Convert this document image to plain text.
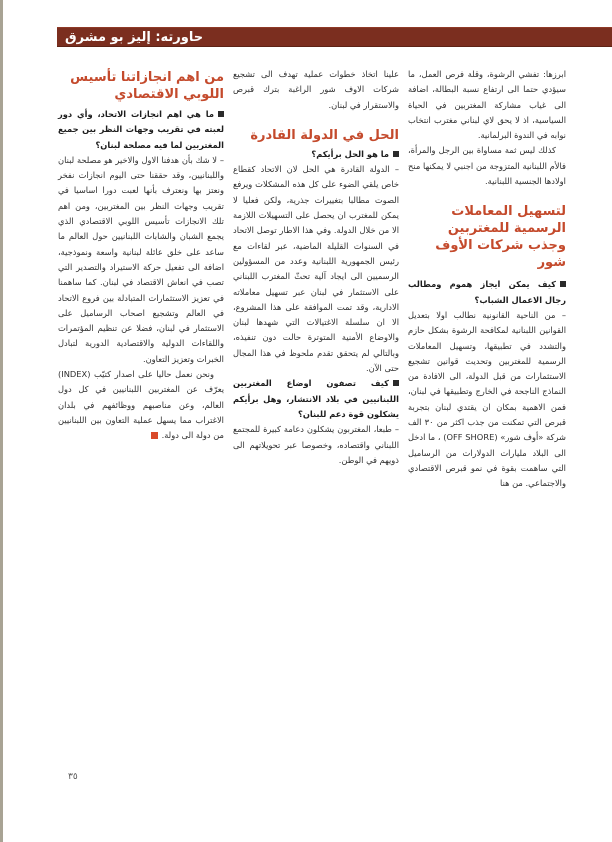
حاورته: إليز بو مشرق

ابرزها: تفشي الرشوة، وقلة فرص العمل، ما سيؤدي حتما الى ارتفاع نسبة البطالة، اضافة الى غياب مشاركة المغتربين في الحياة السياسية، اذ لا يحق لاي لبناني مغترب انتخاب نوابه في الندوة البرلمانية.

كذلك ليس ثمة مساواة بين الرجل والمرأة، فالأم اللبنانية المتزوجة من اجنبي لا يمكنها منح اولادها الجنسية اللبنانية.

لتسهيل المعاملات الرسمية للمغتربين وجذب شركات الأوف شور

كيف يمكن ايجاز هموم ومطالب رجال الاعمال الشباب؟

– من الناحية القانونية نطالب اولا بتعديل القوانين اللبنانية لمكافحة الرشوة بشكل حازم والتشدد في تطبيقها، وتسهيل المعاملات الرسمية للمغتربين وتحديث قوانين تشجيع الاستثمارات من قبل الدولة، الى الافادة من النماذج الناجحة في الخارج وتطبيقها في لبنان، فمن الاهمية بمكان ان يقتدي لبنان بتجربة قبرص التي تمكنت من جذب اكثر من ٣٠ الف شركة «أوف شور» (OFF SHORE) ، ما ادخل الى البلاد مليارات الدولارات من الرساميل التي ساهمت بقوة في نمو قبرص الاقتصادي والاجتماعي. من هنا

علينا اتخاذ خطوات عملية تهدف الى تشجيع شركات الاوف شور الراغبة بترك قبرص والاستقرار في لبنان.

الحل في الدولة القادرة

ما هو الحل برأيكم؟

– الدولة القادرة هي الحل لان الاتحاد كقطاع خاص يلقي الضوء على كل هذه المشكلات ويرفع الصوت مطالبا بتغييرات جذرية، ولكن فعليا لا يمكن للمغترب ان يحصل على التسهيلات اللازمة الا من خلال الدولة. وفي هذا الاطار توصل الاتحاد في السنوات القليلة الماضية، عبر لقاءات مع رئيس الجمهورية اللبنانية وعدد من المسؤولين الرسميين الى ايجاد آلية تحثّ المغترب اللبناني على الاستثمار في لبنان عبر تسهيل معاملاته الادارية، وقد تمت الموافقة على هذا المشروع، الا ان سلسلة الاغتيالات التي شهدها لبنان والاوضاع الأمنية المتوترة حالت دون تنفيذه، وبالتالي لم يتحقق تقدم ملحوظ في هذا المجال حتى الآن.

كيف تصفون اوضاع المغتربين اللبنانيين في بلاد الانتشار، وهل برأيكم يشكلون قوة دعم للبنان؟

– طبعا، المغتربون يشكلون دعامة كبيرة للمجتمع اللبناني واقتصاده، وخصوصا عبر تحويلاتهم الى ذويهم في الوطن.

من اهم انجازاتنا تأسيس اللوبي الاقتصادي

ما هي اهم انجازات الاتحاد، وأي دور لعبته في تقريب وجهات النظر بين جميع المغتربين لما فيه مصلحة لبنان؟

– لا شك بأن هدفنا الاول والاخير هو مصلحة لبنان واللبنانيين، وقد حققنا حتى اليوم انجازات نفخر ونعتز بها ونعترف بأنها لعبت دورا اساسيا في تقريب وجهات النظر بين المغتربين، ومن اهم تلك الانجازات تأسيس اللوبي الاقتصادي الذي يجمع الشبان والشابات اللبنانيين حول العالم ما ساعد على خلق عائلة لبنانية واسعة ونموذجية، اضافة الى تفعيل حركة الاستيراد والتصدير التي تصب في انعاش الاقتصاد في لبنان. كما ساهمنا في تعزيز الاستثمارات المتبادلة بين فروع الاتحاد في العالم وتشجيع اصحاب الرساميل على الاستثمار في لبنان، فضلا عن تنظيم المؤتمرات واللقاءات الدولية والاقتصادية الدورية لتبادل الخبرات وتعزيز التعاون.

ونحن نعمل حاليا على اصدار كتيّب (INDEX) يعرّف عن المغتربين اللبنانيين في كل دول العالم، وعن مناصبهم ووظائفهم في بلدان الاغتراب مما يسهل عملية التعاون بين اللبنانيين من دولة الى دولة.

٣٥
